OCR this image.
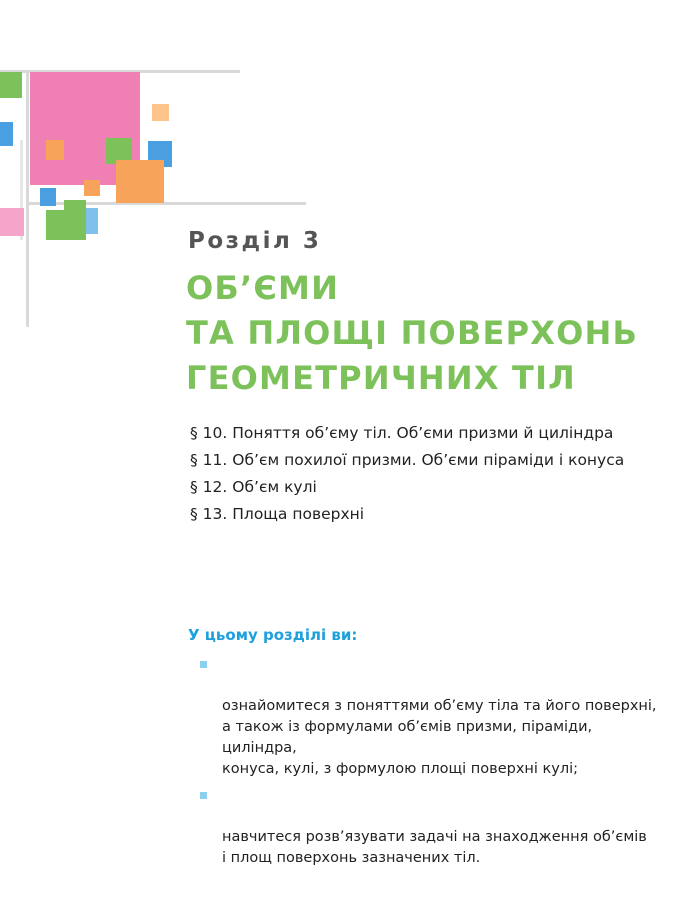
Розділ 3
ОБ’ЄМИ
ТА ПЛОЩІ ПОВЕРХОНЬ
ГЕОМЕТРИЧНИХ ТІЛ
§ 10. Поняття об’єму тіл. Об’єми призми й циліндра
§ 11. Об’єм похилої призми. Об’єми піраміди і конуса
§ 12. Об’єм кулі
§ 13. Площа поверхні
У цьому розділі ви:

ознайомитеся з поняттями об’єму тіла та його поверхні,
а також із формулами об’ємів призми, піраміди, циліндра,
конуса, кулі, з формулою площі поверхні кулі;

навчитеся розв’язувати задачі на знаходження об’ємів
і площ поверхонь зазначених тіл.
